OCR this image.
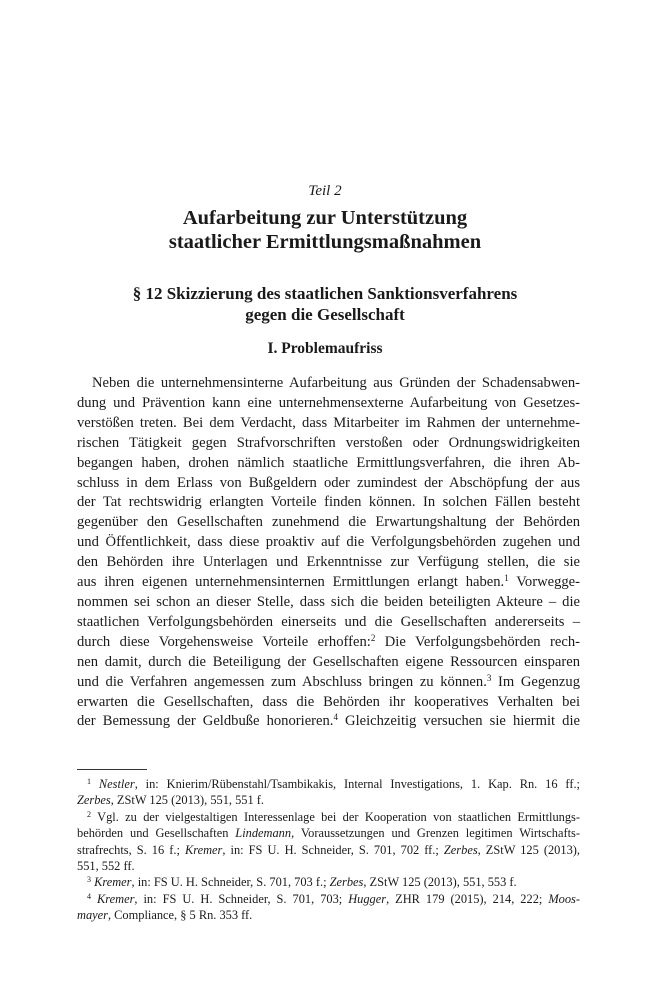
Teil 2
Aufarbeitung zur Unterstützung
staatlicher Ermittlungsmaßnahmen
§ 12 Skizzierung des staatlichen Sanktionsverfahrens
gegen die Gesellschaft
I. Problemaufriss
Neben die unternehmensinterne Aufarbeitung aus Gründen der Schadensabwen-
dung und Prävention kann eine unternehmensexterne Aufarbeitung von Gesetzes-
verstößen treten. Bei dem Verdacht, dass Mitarbeiter im Rahmen der unternehme-
rischen Tätigkeit gegen Strafvorschriften verstoßen oder Ordnungswidrigkeiten
begangen haben, drohen nämlich staatliche Ermittlungsverfahren, die ihren Ab-
schluss in dem Erlass von Bußgeldern oder zumindest der Abschöpfung der aus
der Tat rechtswidrig erlangten Vorteile finden können. In solchen Fällen besteht
gegenüber den Gesellschaften zunehmend die Erwartungshaltung der Behörden
und Öffentlichkeit, dass diese proaktiv auf die Verfolgungsbehörden zugehen und
den Behörden ihre Unterlagen und Erkenntnisse zur Verfügung stellen, die sie
aus ihren eigenen unternehmensinternen Ermittlungen erlangt haben.$^1$ Vorwegge-
nommen sei schon an dieser Stelle, dass sich die beiden beteiligten Akteure – die
staatlichen Verfolgungsbehörden einerseits und die Gesellschaften andererseits –
durch diese Vorgehensweise Vorteile erhoffen:$^2$ Die Verfolgungsbehörden rech-
nen damit, durch die Beteiligung der Gesellschaften eigene Ressourcen einsparen
und die Verfahren angemessen zum Abschluss bringen zu können.$^3$ Im Gegenzug
erwarten die Gesellschaften, dass die Behörden ihr kooperatives Verhalten bei
der Bemessung der Geldbuße honorieren.$^4$ Gleichzeitig versuchen sie hiermit die
$^1$ Nestler, in: Knierim/Rübenstahl/Tsambikakis, Internal Investigations, 1. Kap. Rn. 16 ff.;
Zerbes, ZStW 125 (2013), 551, 551 f.
$^2$ Vgl. zu der vielgestaltigen Interessenlage bei der Kooperation von staatlichen Ermittlungs-
behörden und Gesellschaften Lindemann, Voraussetzungen und Grenzen legitimen Wirtschafts-
strafrechts, S. 16 f.; Kremer, in: FS U. H. Schneider, S. 701, 702 ff.; Zerbes, ZStW 125 (2013),
551, 552 ff.
$^3$ Kremer, in: FS U. H. Schneider, S. 701, 703 f.; Zerbes, ZStW 125 (2013), 551, 553 f.
$^4$ Kremer, in: FS U. H. Schneider, S. 701, 703; Hugger, ZHR 179 (2015), 214, 222; Moos-
mayer, Compliance, § 5 Rn. 353 ff.
